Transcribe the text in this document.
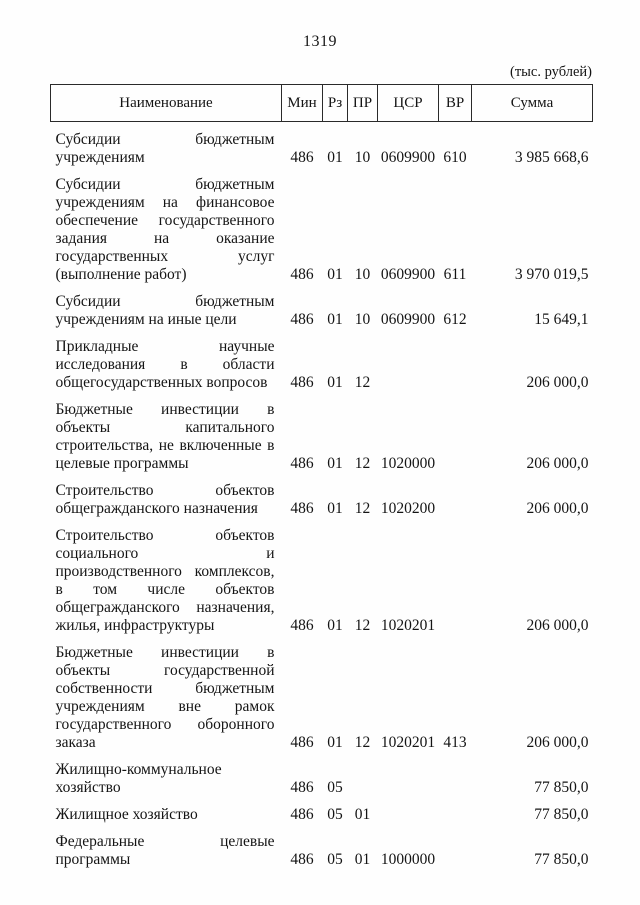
1319
(тыс. рублей)
Наименование	Мин	Рз	ПР	ЦСР	ВР	Сумма
Субсидии бюджетным учреждениям	486	01	10	0609900	610	3 985 668,6
Субсидии бюджетным учреждениям на финансовое обеспечение государственного задания на оказание государственных услуг (выполнение работ)	486	01	10	0609900	611	3 970 019,5
Субсидии бюджетным учреждениям на иные цели	486	01	10	0609900	612	15 649,1
Прикладные научные исследования в области общегосударственных вопросов	486	01	12			206 000,0
Бюджетные инвестиции в объекты капитального строительства, не включенные в целевые программы	486	01	12	1020000		206 000,0
Строительство объектов общегражданского назначения	486	01	12	1020200		206 000,0
Строительство объектов социального и производственного комплексов, в том числе объектов общегражданского назначения, жилья, инфраструктуры	486	01	12	1020201		206 000,0
Бюджетные инвестиции в объекты государственной собственности бюджетным учреждениям вне рамок государственного оборонного заказа	486	01	12	1020201	413	206 000,0
Жилищно-коммунальное хозяйство	486	05				77 850,0
Жилищное хозяйство	486	05	01			77 850,0
Федеральные целевые программы	486	05	01	1000000		77 850,0
